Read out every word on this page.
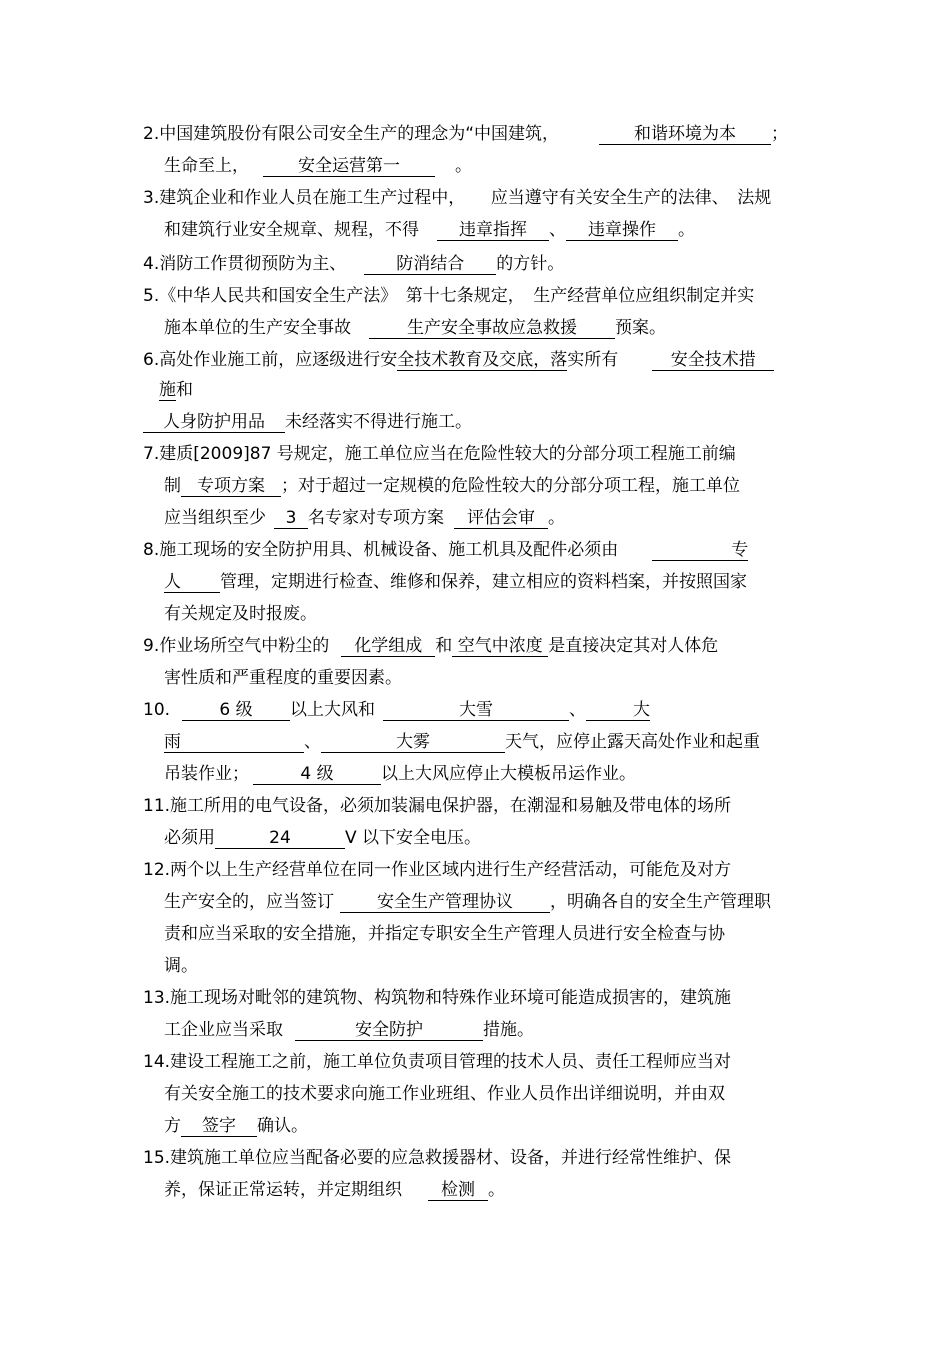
2.中国建筑股份有限公司安全生产的理念为“中国建筑，	和谐环境为本 ；
生命至上，	安全运营第一	。
3.建筑企业和作业人员在施工生产过程中，　　应当遵守有关安全生产的法律、　法规
和建筑行业安全规章、规程，不得 违章指挥 、 违章操作 。
4.消防工作贯彻预防为主、	防消结合 的方针。
5.《中华人民共和国安全生产法》　第十七条规定，　生产经营单位应组织制定并实
施本单位的生产安全事故	生产安全事故应急救援 预案。
6.高处作业施工前，应逐级进行安全技术教育及交底，落实所有	安全技术措
施和
人身防护用品 未经落实不得进行施工。
7.建质[2009]87 号规定，施工单位应当在危险性较大的分部分项工程施工前编
制 专项方案 ；对于超过一定规模的危险性较大的分部分项工程，施工单位
应当组织至少 3 名专家对专项方案 评估会审 。
8.施工现场的安全防护用具、机械设备、施工机具及配件必须由	专
人 管理，定期进行检查、维修和保养，建立相应的资料档案，并按照国家
有关规定及时报废。
9.作业场所空气中粉尘的 化学组成 和 空气中浓度 是直接决定其对人体危
害性质和严重程度的重要因素。
10.	6 级 以上大风和	大雪	、	大
雨	、	大雾	天气，应停止露天高处作业和起重
吊装作业；	4 级	以上大风应停止大模板吊运作业。
11.施工所用的电气设备，必须加装漏电保护器，在潮湿和易触及带电体的场所
必须用	24	V 以下安全电压。
12.两个以上生产经营单位在同一作业区域内进行生产经营活动，可能危及对方
生产安全的，应当签订	安全生产管理协议 ，明确各自的安全生产管理职
责和应当采取的安全措施，并指定专职安全生产管理人员进行安全检查与协
调。
13.施工现场对毗邻的建筑物、构筑物和特殊作业环境可能造成损害的，建筑施
工企业应当采取	安全防护	措施。
14.建设工程施工之前，施工单位负责项目管理的技术人员、责任工程师应当对
有关安全施工的技术要求向施工作业班组、作业人员作出详细说明，并由双
方 签字 确认。
15.建筑施工单位应当配备必要的应急救援器材、设备，并进行经常性维护、保
养，保证正常运转，并定期组织 检测 。
